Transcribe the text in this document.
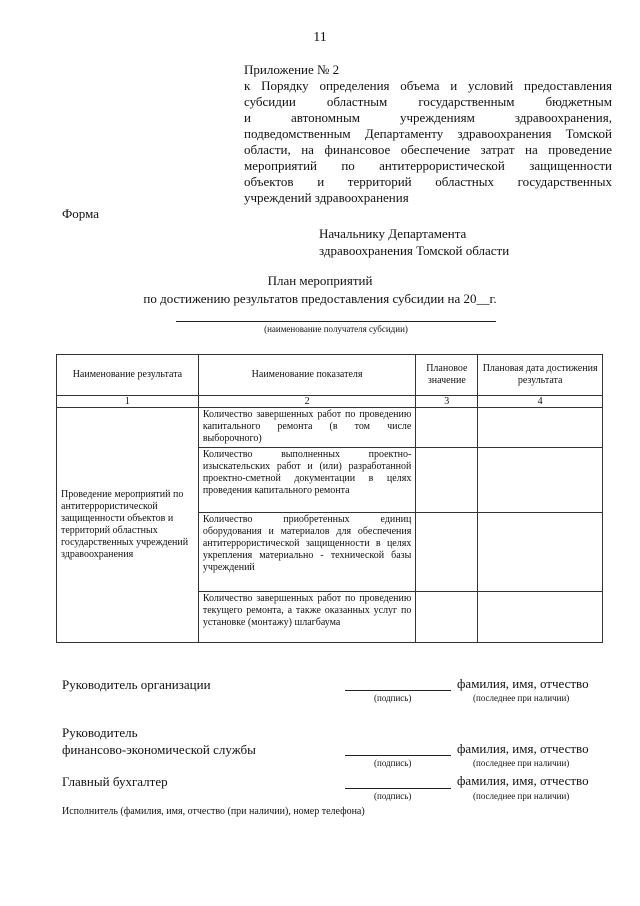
11
Приложение № 2
к Порядку определения объема и условий предоставления
субсидии областным государственным бюджетным
и автономным учреждениям здравоохранения,
подведомственным Департаменту здравоохранения Томской
области, на финансовое обеспечение затрат на проведение
мероприятий по антитеррористической защищенности
объектов и территорий областных государственных
учреждений здравоохранения
Форма
Начальнику Департамента
здравоохранения Томской области
План мероприятий
по достижению результатов предоставления субсидии на 20__г.
(наименование получателя субсидии)
Наименование результата	Наименование показателя	Плановое значение	Плановая дата достижения результата
1	2	3	4
Проведение мероприятий по антитеррористической защищенности объектов и территорий областных государственных учреждений здравоохранения	Количество завершенных работ по проведению капитального ремонта (в том числе выборочного)		
	Количество выполненных проектно-изыскательских работ и (или) разработанной проектно-сметной документации в целях проведения капитального ремонта		
	Количество приобретенных единиц оборудования и материалов для обеспечения антитеррористической защищенности в целях укрепления материально - технической базы учреждений		
	Количество завершенных работ по проведению текущего ремонта, а также оказанных услуг по установке (монтажу) шлагбаума		
Руководитель организации
(подпись)
фамилия, имя, отчество
(последнее при наличии)
Руководитель
финансово-экономической службы
(подпись)
фамилия, имя, отчество
(последнее при наличии)
Главный бухгалтер
(подпись)
фамилия, имя, отчество
(последнее при наличии)
Исполнитель (фамилия, имя, отчество (при наличии), номер телефона)
